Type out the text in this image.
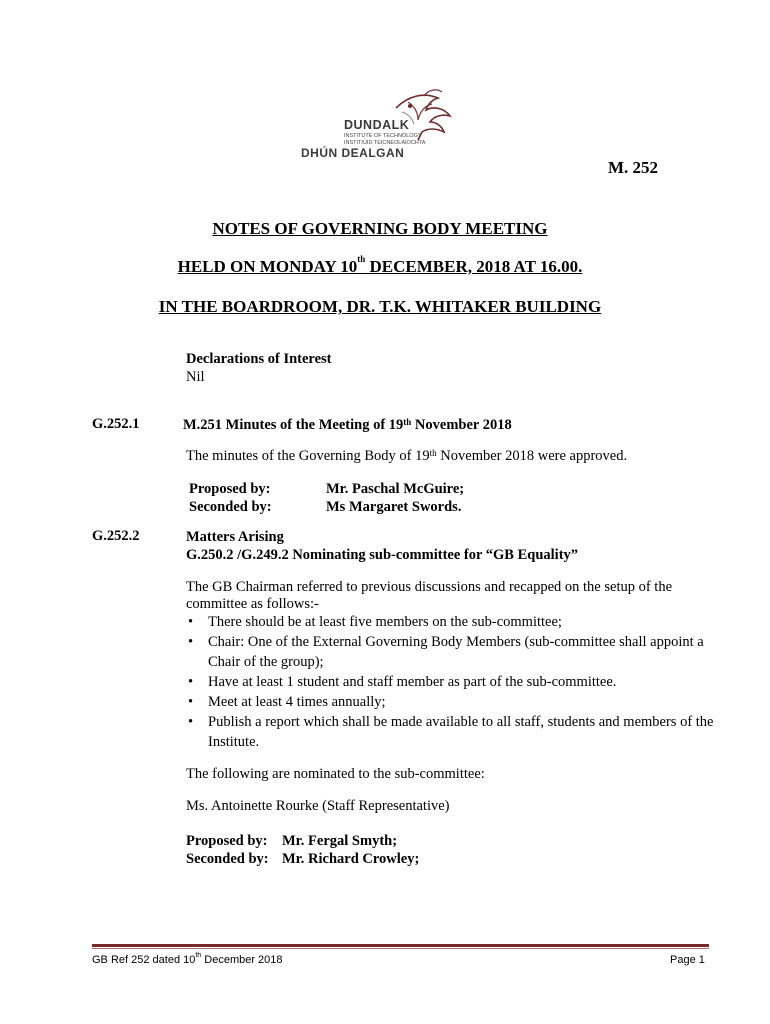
DUNDALK
INSTITUTE OF TECHNOLOGY
INSTITIÚID TEICNEOLAÍOCHTA
DHÚN DEALGAN
M. 252
NOTES OF GOVERNING BODY MEETING
HELD ON MONDAY 10th DECEMBER, 2018 AT 16.00.
IN THE BOARDROOM, DR. T.K. WHITAKER BUILDING
Declarations of Interest
Nil
G.252.1	M.251 Minutes of the Meeting of 19th November 2018
The minutes of the Governing Body of 19th November 2018 were approved.
Proposed by:	Mr. Paschal McGuire;
Seconded by:	Ms Margaret Swords.
G.252.2	Matters Arising
G.250.2 /G.249.2 Nominating sub-committee for “GB Equality”
The GB Chairman referred to previous discussions and recapped on the setup of the
committee as follows:-
• There should be at least five members on the sub-committee;
• Chair: One of the External Governing Body Members (sub-committee shall appoint a Chair of the group);
• Have at least 1 student and staff member as part of the sub-committee.
• Meet at least 4 times annually;
• Publish a report which shall be made available to all staff, students and members of the Institute.
The following are nominated to the sub-committee:
Ms. Antoinette Rourke (Staff Representative)
Proposed by: Mr. Fergal Smyth;
Seconded by: Mr. Richard Crowley;
GB Ref 252 dated 10th December 2018	Page 1
